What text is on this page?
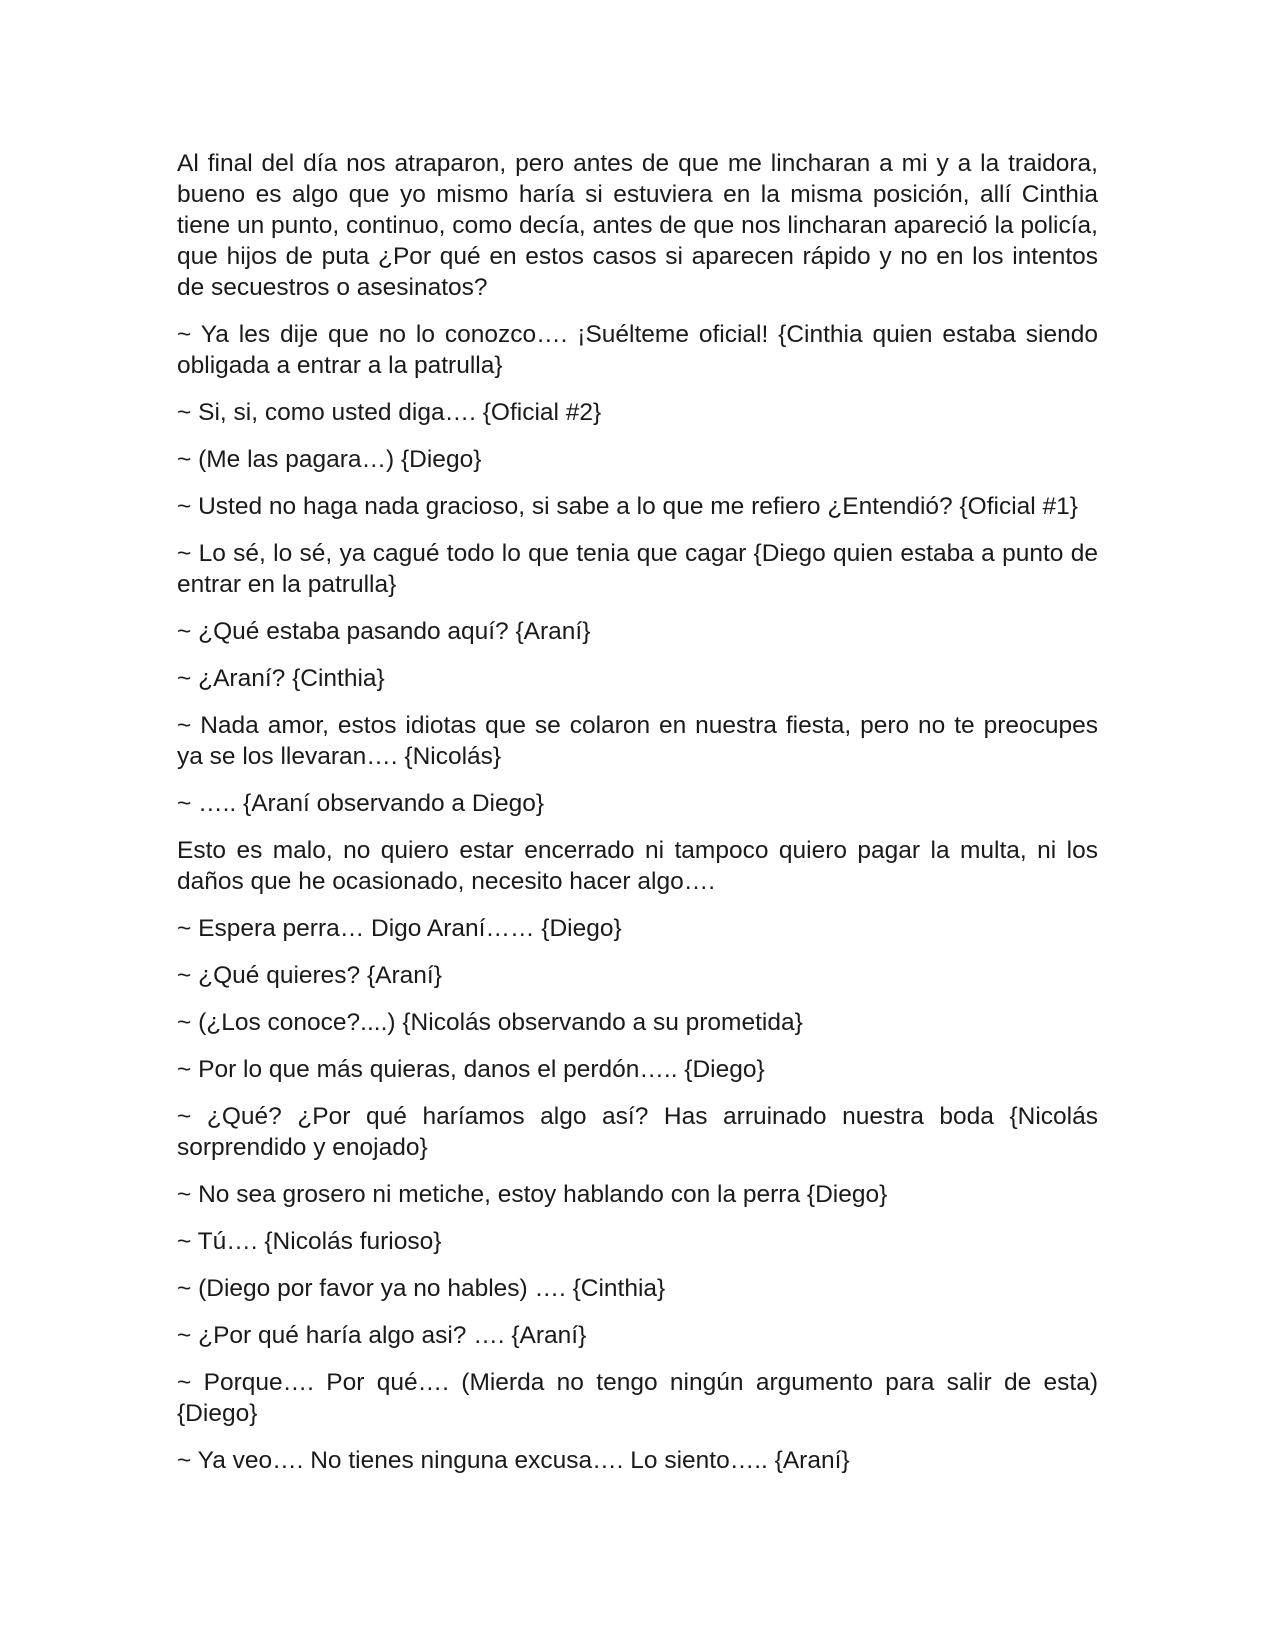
Al final del día nos atraparon, pero antes de que me lincharan a mi y a la traidora, bueno es algo que yo mismo haría si estuviera en la misma posición, allí Cinthia tiene un punto, continuo, como decía, antes de que nos lincharan apareció la policía, que hijos de puta ¿Por qué en estos casos si aparecen rápido y no en los intentos de secuestros o asesinatos?

~ Ya les dije que no lo conozco…. ¡Suélteme oficial! {Cinthia quien estaba siendo obligada a entrar a la patrulla}

~ Si, si, como usted diga…. {Oficial #2}

~ (Me las pagara…) {Diego}

~ Usted no haga nada gracioso, si sabe a lo que me refiero ¿Entendió? {Oficial #1}

~ Lo sé, lo sé, ya cagué todo lo que tenia que cagar {Diego quien estaba a punto de entrar en la patrulla}

~ ¿Qué estaba pasando aquí? {Araní}

~ ¿Araní? {Cinthia}

~ Nada amor, estos idiotas que se colaron en nuestra fiesta, pero no te preocupes ya se los llevaran…. {Nicolás}

~ ….. {Araní observando a Diego}

Esto es malo, no quiero estar encerrado ni tampoco quiero pagar la multa, ni los daños que he ocasionado, necesito hacer algo….

~ Espera perra… Digo Araní…… {Diego}

~ ¿Qué quieres? {Araní}

~ (¿Los conoce?....) {Nicolás observando a su prometida}

~ Por lo que más quieras, danos el perdón….. {Diego}

~ ¿Qué? ¿Por qué haríamos algo así? Has arruinado nuestra boda {Nicolás sorprendido y enojado}

~ No sea grosero ni metiche, estoy hablando con la perra {Diego}

~ Tú…. {Nicolás furioso}

~ (Diego por favor ya no hables) …. {Cinthia}

~ ¿Por qué haría algo asi? …. {Araní}

~ Porque…. Por qué…. (Mierda no tengo ningún argumento para salir de esta) {Diego}

~ Ya veo…. No tienes ninguna excusa…. Lo siento….. {Araní}
